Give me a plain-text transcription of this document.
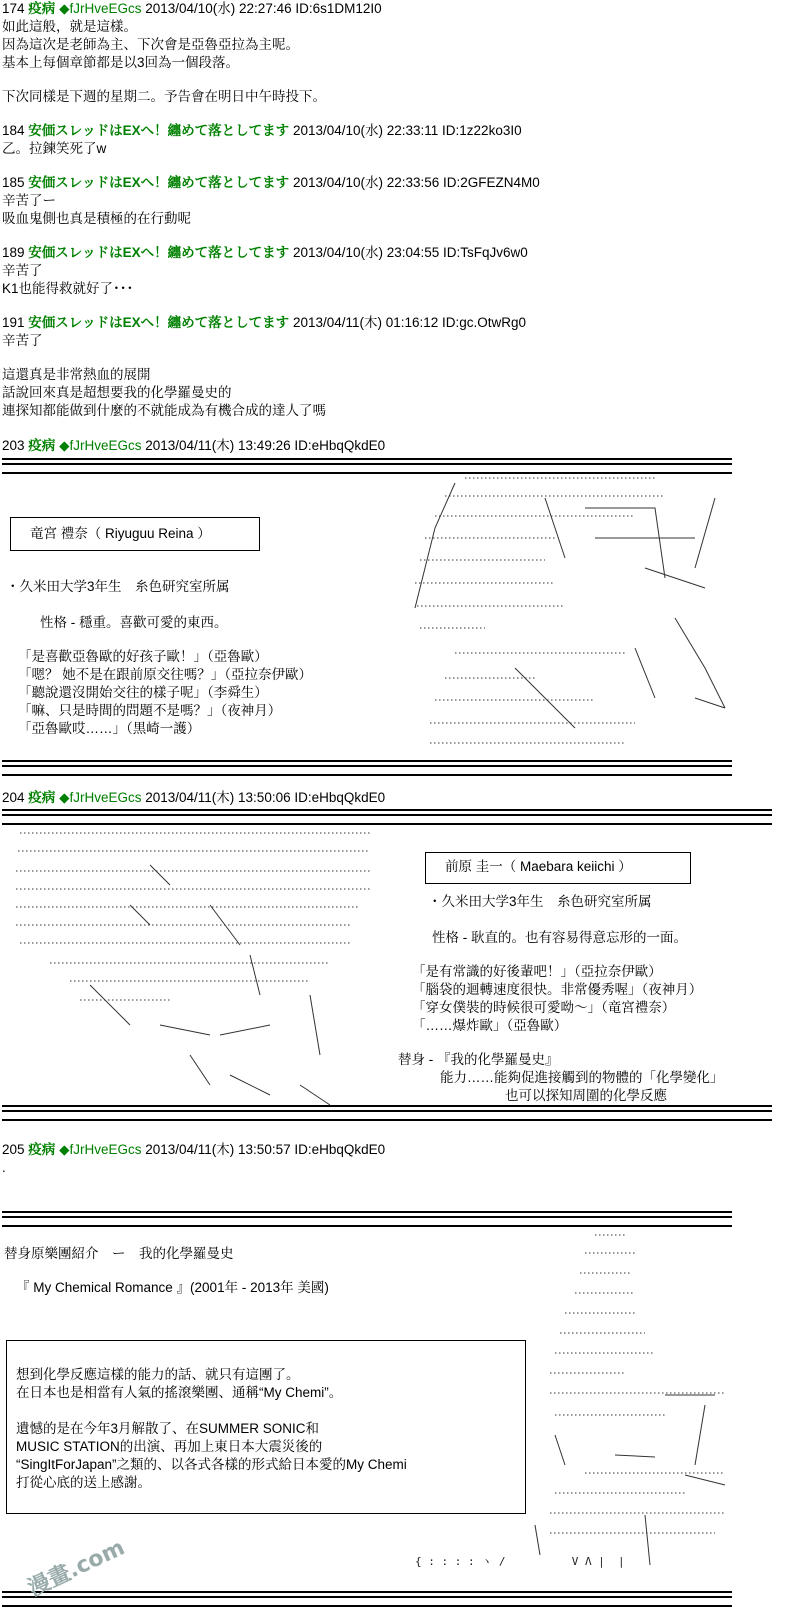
174 疫病 ◆fJrHveEGcs 2013/04/10(水) 22:27:46 ID:6s1DM12I0
如此這般，就是這樣。
因為這次是老師為主、下次會是亞魯亞拉為主呢。
基本上每個章節都是以3回為一個段落。
下次同樣是下週的星期二。予告會在明日中午時投下。
184 安価スレッドはEXへ！纏めて落としてます 2013/04/10(水) 22:33:11 ID:1z22ko3I0
乙。拉鍊笑死了w
185 安価スレッドはEXへ！纏めて落としてます 2013/04/10(水) 22:33:56 ID:2GFEZN4M0
辛苦了ー
吸血鬼側也真是積極的在行動呢
189 安価スレッドはEXへ！纏めて落としてます 2013/04/10(水) 23:04:55 ID:TsFqJv6w0
辛苦了
K1也能得救就好了･･･
191 安価スレッドはEXへ！纏めて落としてます 2013/04/11(木) 01:16:12 ID:gc.OtwRg0
辛苦了
這還真是非常熱血的展開
話說回來真是超想要我的化學羅曼史的
連探知都能做到什麼的不就能成為有機合成的達人了嗎
203 疫病 ◆fJrHveEGcs 2013/04/11(木) 13:49:26 ID:eHbqQkdE0
竜宮 禮奈（ Riyuguu Reina ）
・久米田大学3年生　糸色研究室所属
性格 - 穩重。喜歡可愛的東西。
「是喜歡亞魯歐的好孩子歐！」（亞魯歐）
「嗯？ 她不是在跟前原交往嗎？」（亞拉奈伊歐）
「聽說還沒開始交往的樣子呢」（李舜生）
「嘛、只是時間的問題不是嗎？」（夜神月）
「亞魯歐哎……」（黒崎一護）
204 疫病 ◆fJrHveEGcs 2013/04/11(木) 13:50:06 ID:eHbqQkdE0
前原 圭一（ Maebara keiichi ）
・久米田大学3年生　糸色研究室所属
性格 - 耿直的。也有容易得意忘形的一面。
「是有常識的好後輩吧！」（亞拉奈伊歐）
「腦袋的迴轉速度很快。非常優秀喔」（夜神月）
「穿女僕裝的時候很可愛呦～」（竜宮禮奈）
「……爆炸歐」（亞魯歐）
替身 - 『我的化學羅曼史』
能力……能夠促進接觸到的物體的「化學變化」
也可以探知周圍的化學反應
205 疫病 ◆fJrHveEGcs 2013/04/11(木) 13:50:57 ID:eHbqQkdE0
.
替身原樂團紹介　ー　我的化學羅曼史
『 My Chemical Romance 』(2001年 - 2013年 美國)
想到化學反應這樣的能力的話、就只有這團了。
在日本也是相當有人氣的搖滾樂團、通稱“My Chemi”。
遺憾的是在今年3月解散了、在SUMMER SONIC和
MUSIC STATION的出演、再加上東日本大震災後的
“SingItForJapan”之類的、以各式各樣的形式給日本愛的My Chemi
打從心底的送上感謝。
{ : : : : ヽ /          V Λ |  |
漫畫.com
